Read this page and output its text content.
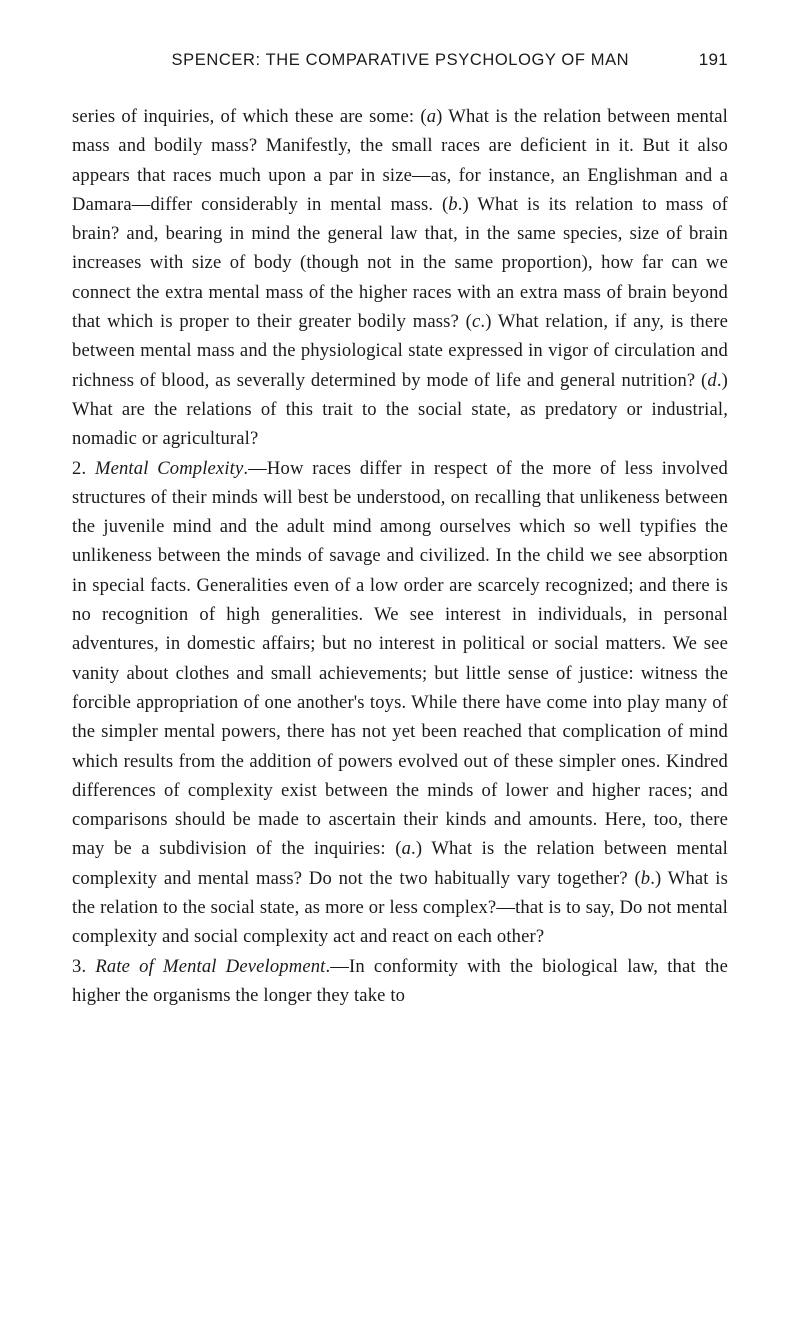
SPENCER: THE COMPARATIVE PSYCHOLOGY OF MAN	191

series of inquiries, of which these are some: (a) What is the relation between mental mass and bodily mass? Manifestly, the small races are deficient in it. But it also appears that races much upon a par in size—as, for instance, an Englishman and a Damara—differ considerably in mental mass. (b.) What is its relation to mass of brain? and, bearing in mind the general law that, in the same species, size of brain increases with size of body (though not in the same proportion), how far can we connect the extra mental mass of the higher races with an extra mass of brain beyond that which is proper to their greater bodily mass? (c.) What relation, if any, is there between mental mass and the physiological state expressed in vigor of circulation and richness of blood, as severally determined by mode of life and general nutrition? (d.) What are the relations of this trait to the social state, as predatory or industrial, nomadic or agricultural?

2. Mental Complexity.—How races differ in respect of the more of less involved structures of their minds will best be understood, on recalling that unlikeness between the juvenile mind and the adult mind among ourselves which so well typifies the unlikeness between the minds of savage and civilized. In the child we see absorption in special facts. Generalities even of a low order are scarcely recognized; and there is no recognition of high generalities. We see interest in individuals, in personal adventures, in domestic affairs; but no interest in political or social matters. We see vanity about clothes and small achievements; but little sense of justice: witness the forcible appropriation of one another's toys. While there have come into play many of the simpler mental powers, there has not yet been reached that complication of mind which results from the addition of powers evolved out of these simpler ones. Kindred differences of complexity exist between the minds of lower and higher races; and comparisons should be made to ascertain their kinds and amounts. Here, too, there may be a subdivision of the inquiries: (a.) What is the relation between mental complexity and mental mass? Do not the two habitually vary together? (b.) What is the relation to the social state, as more or less complex?—that is to say, Do not mental complexity and social complexity act and react on each other?

3. Rate of Mental Development.—In conformity with the biological law, that the higher the organisms the longer they take to
